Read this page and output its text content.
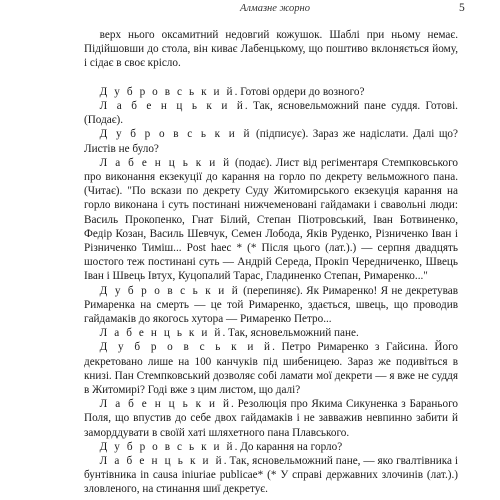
Алмазне жорно	5

верх нього оксамитний недовгий кожушок. Шаблі при ньому немає. Підійшовши до стола, він киває Лабенцькому, що поштиво вклоняється йому, і сідає в своє крісло.

Д у б р о в с ь к и й. Готові ордери до возного?

Л а б е н ц ь к и й. Так, ясновельможний пане суддя. Готові. (Подає).

Д у б р о в с ь к и й (підписує). Зараз же надіслати. Далі що? Листів не було?

Л а б е н ц ь к и й (подає). Лист від регіментаря Стемпковського про виконання екзекуції до карання на горло по декрету вельможного пана. (Читає). "По вскази по декрету Суду Житомирського екзекуція карання на горло виконана і суть постинані нижчеменовані гайдамаки і свавольні люди: Василь Прокопенко, Гнат Білий, Степан Піотровський, Іван Ботвиненко, Федір Козан, Василь Шевчук, Семен Лобода, Яків Руденко, Різниченко Іван і Різниченко Тиміш... Post haec * (* Після цього (лат.).) — серпня двадцять шостого теж постинані суть — Андрій Середа, Прокіп Чередниченко, Швець Іван і Швець Івтух, Куцопалий Тарас, Гладиненко Степан, Римаренко..."

Д у б р о в с ь к и й (перепиняє). Як Римаренко! Я не декретував Римаренка на смерть — це той Римаренко, здається, швець, що проводив гайдамаків до якогось хутора — Римаренко Петро...

Л а б е н ц ь к и й. Так, ясновельможний пане.

Д у б р о в с ь к и й. Петро Римаренко з Гайсина. Його декретовано лише на 100 канчуків під шибеницею. Зараз же подивіться в книзі. Пан Стемпковський дозволяє собі ламати мої декрети — я вже не суддя в Житомирі? Годі вже з цим листом, що далі?

Л а б е н ц ь к и й. Резолюція про Якима Сикуненка з Баранього Поля, що впустив до себе двох гайдамаків і не завважив невпинно забити й заморддувати в своїй хаті шляхетного пана Плавського.

Д у б р о в с ь к и й. До карання на горло?

Л а б е н ц ь к и й. Так, ясновельможний пане, — яко гвалтівника і бунтівника in causa iniuriae publicae* (* У справі державних злочинів (лат.).) зловленого, на стинання шиї декретує.
